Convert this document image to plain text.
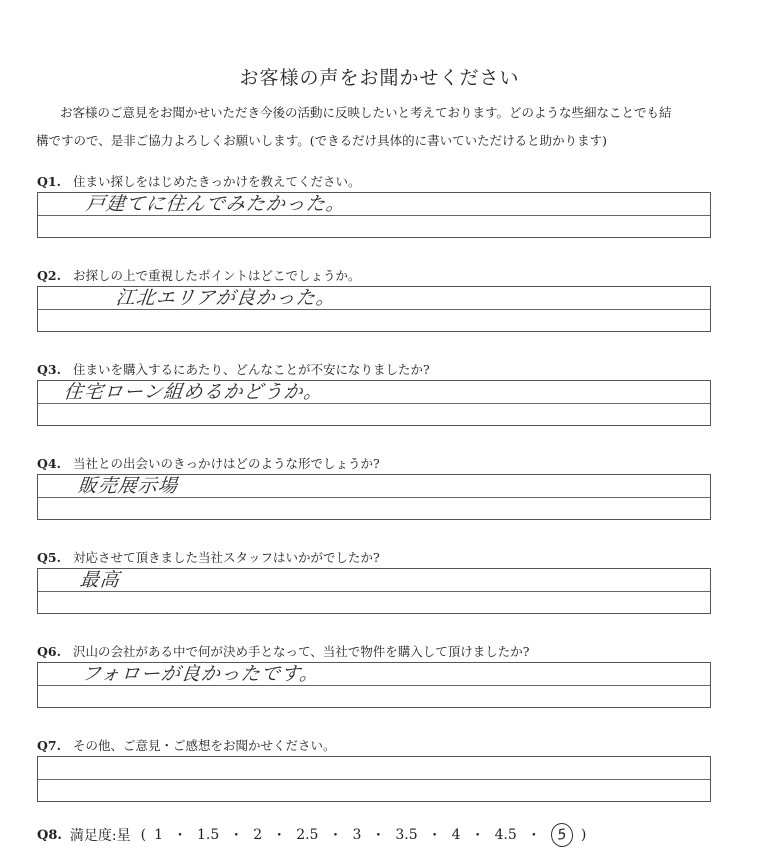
お客様の声をお聞かせください
お客様のご意見をお聞かせいただき今後の活動に反映したいと考えております。どのような些細なことでも結
構ですので、是非ご協力よろしくお願いします。(できるだけ具体的に書いていただけると助かります)
Q1. 住まい探しをはじめたきっかけを教えてください。
戸建てに住んでみたかった。
Q2. お探しの上で重視したポイントはどこでしょうか。
江北エリアが良かった。
Q3. 住まいを購入するにあたり、どんなことが不安になりましたか?
住宅ローン組めるかどうか。
Q4. 当社との出会いのきっかけはどのような形でしょうか?
販売展示場
Q5. 対応させて頂きました当社スタッフはいかがでしたか?
最高
Q6. 沢山の会社がある中で何が決め手となって、当社で物件を購入して頂けましたか?
フォローが良かったです。
Q7. その他、ご意見・ご感想をお聞かせください。
Q8. 満足度:星 ( 1 ・ 1.5 ・ 2 ・ 2.5 ・ 3 ・ 3.5 ・ 4 ・ 4.5 ・	5 )
